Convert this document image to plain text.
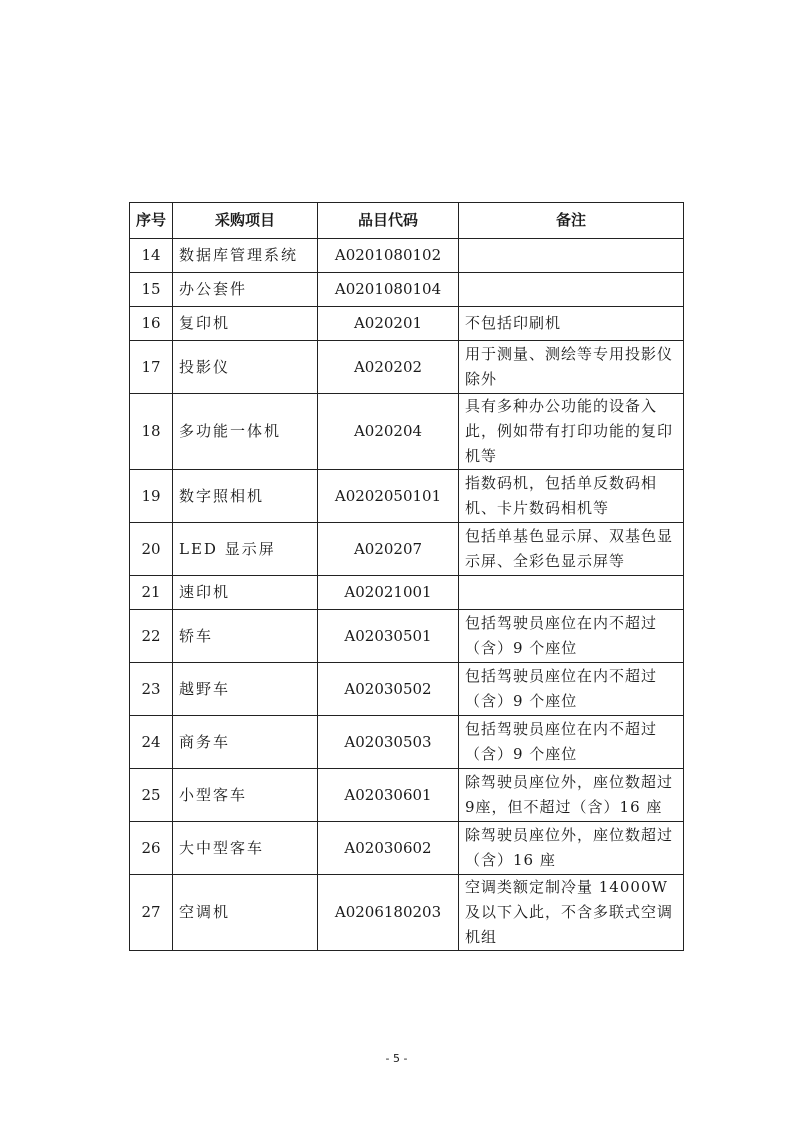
序号	采购项目	品目代码	备注
14	数据库管理系统	A0201080102	
15	办公套件	A0201080104	
16	复印机	A020201	不包括印刷机
17	投影仪	A020202	用于测量、测绘等专用投影仪除外
18	多功能一体机	A020204	具有多种办公功能的设备入此，例如带有打印功能的复印机等
19	数字照相机	A0202050101	指数码机，包括单反数码相机、卡片数码相机等
20	LED 显示屏	A020207	包括单基色显示屏、双基色显示屏、全彩色显示屏等
21	速印机	A02021001	
22	轿车	A02030501	包括驾驶员座位在内不超过（含）9 个座位
23	越野车	A02030502	包括驾驶员座位在内不超过（含）9 个座位
24	商务车	A02030503	包括驾驶员座位在内不超过（含）9 个座位
25	小型客车	A02030601	除驾驶员座位外，座位数超过9座，但不超过（含）16 座
26	大中型客车	A02030602	除驾驶员座位外，座位数超过（含）16 座
27	空调机	A0206180203	空调类额定制冷量 14000W 及以下入此，不含多联式空调机组
- 5 -
